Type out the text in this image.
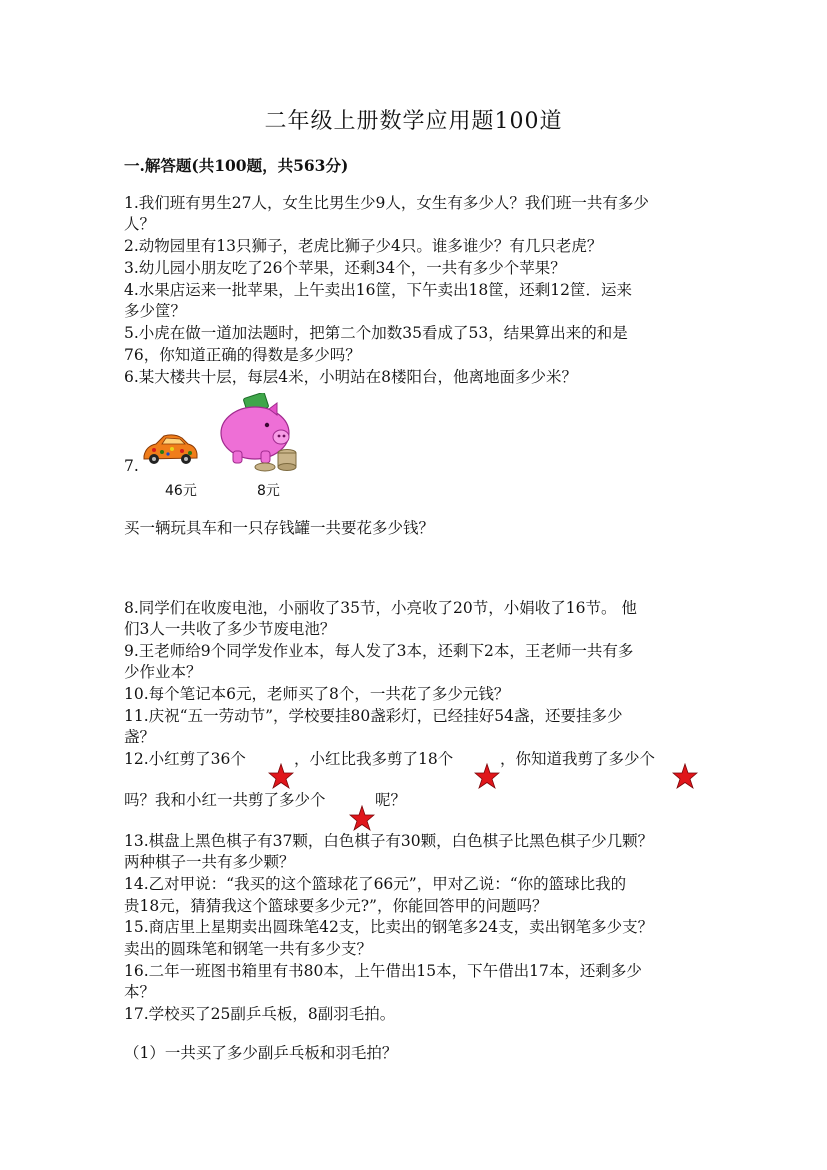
二年级上册数学应用题100道
一.解答题(共100题，共563分)
1.我们班有男生27人，女生比男生少9人，女生有多少人？我们班一共有多少
人？
2.动物园里有13只狮子，老虎比狮子少4只。谁多谁少？有几只老虎？
3.幼儿园小朋友吃了26个苹果，还剩34个，一共有多少个苹果？
4.水果店运来一批苹果，上午卖出16筐，下午卖出18筐，还剩12筐．运来
多少筐？
5.小虎在做一道加法题时，把第二个加数35看成了53，结果算出来的和是
76，你知道正确的得数是多少吗？
6.某大楼共十层，每层4米，小明站在8楼阳台，他离地面多少米？
7.
46元	8元
买一辆玩具车和一只存钱罐一共要花多少钱？
8.同学们在收废电池，小丽收了35节，小亮收了20节，小娟收了16节。 他
们3人一共收了多少节废电池？
9.王老师给9个同学发作业本，每人发了3本，还剩下2本，王老师一共有多
少作业本？
10.每个笔记本6元，老师买了8个，一共花了多少元钱？
11.庆祝“五一劳动节”，学校要挂80盏彩灯，已经挂好54盏，还要挂多少
盏？
12.小红剪了36个	，小红比我多剪了18个	，你知道我剪了多少个
吗？我和小红一共剪了多少个	呢？
13.棋盘上黑色棋子有37颗，白色棋子有30颗，白色棋子比黑色棋子少几颗？
两种棋子一共有多少颗？
14.乙对甲说：“我买的这个篮球花了66元”，甲对乙说：“你的篮球比我的
贵18元，猜猜我这个篮球要多少元?”，你能回答甲的问题吗？
15.商店里上星期卖出圆珠笔42支，比卖出的钢笔多24支，卖出钢笔多少支？
卖出的圆珠笔和钢笔一共有多少支？
16.二年一班图书箱里有书80本，上午借出15本，下午借出17本，还剩多少
本？
17.学校买了25副乒乓板，8副羽毛拍。
（1）一共买了多少副乒乓板和羽毛拍？
